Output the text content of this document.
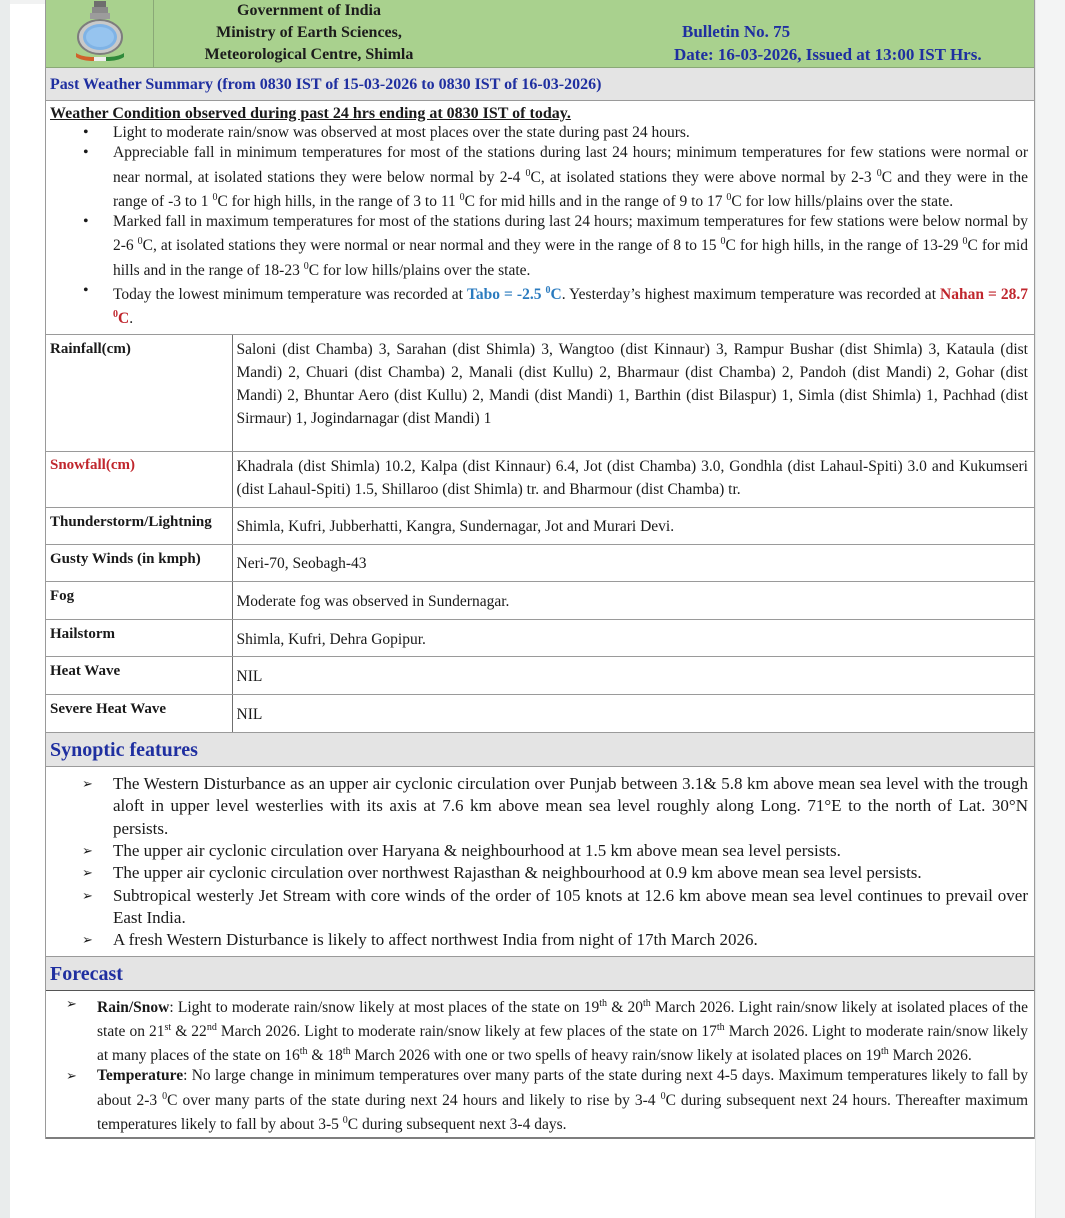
Government of India
Ministry of Earth Sciences,
Meteorological Centre, Shimla
Bulletin No. 75
Date: 16-03-2026, Issued at 13:00 IST Hrs.
Past Weather Summary (from 0830 IST of 15-03-2026 to 0830 IST of 16-03-2026)
Weather Condition observed during past 24 hrs ending at 0830 IST of today.
• Light to moderate rain/snow was observed at most places over the state during past 24 hours.
• Appreciable fall in minimum temperatures for most of the stations during last 24 hours; minimum temperatures for few stations were normal or near normal, at isolated stations they were below normal by 2-4 $^0$C, at isolated stations they were above normal by 2-3 $^0$C and they were in the range of -3 to 1 $^0$C for high hills, in the range of 3 to 11 $^0$C for mid hills and in the range of 9 to 17 $^0$C for low hills/plains over the state.
• Marked fall in maximum temperatures for most of the stations during last 24 hours; maximum temperatures for few stations were below normal by 2-6 $^0$C, at isolated stations they were normal or near normal and they were in the range of 8 to 15 $^0$C for high hills, in the range of 13-29 $^0$C for mid hills and in the range of 18-23 $^0$C for low hills/plains over the state.
• Today the lowest minimum temperature was recorded at Tabo = -2.5 $^0$C. Yesterday’s highest maximum temperature was recorded at Nahan = 28.7 $^0$C.
Rainfall(cm)	Saloni (dist Chamba) 3, Sarahan (dist Shimla) 3, Wangtoo (dist Kinnaur) 3, Rampur Bushar (dist Shimla) 3, Kataula (dist Mandi) 2, Chuari (dist Chamba) 2, Manali (dist Kullu) 2, Bharmaur (dist Chamba) 2, Pandoh (dist Mandi) 2, Gohar (dist Mandi) 2, Bhuntar Aero (dist Kullu) 2, Mandi (dist Mandi) 1, Barthin (dist Bilaspur) 1, Simla (dist Shimla) 1, Pachhad (dist Sirmaur) 1, Jogindarnagar (dist Mandi) 1
Snowfall(cm)	Khadrala (dist Shimla) 10.2, Kalpa (dist Kinnaur) 6.4, Jot (dist Chamba) 3.0, Gondhla (dist Lahaul-Spiti) 3.0 and Kukumseri (dist Lahaul-Spiti) 1.5, Shillaroo (dist Shimla) tr. and Bharmour (dist Chamba) tr.
Thunderstorm/Lightning	Shimla, Kufri, Jubberhatti, Kangra, Sundernagar, Jot and Murari Devi.
Gusty Winds (in kmph)	Neri-70, Seobagh-43
Fog	Moderate fog was observed in Sundernagar.
Hailstorm	Shimla, Kufri, Dehra Gopipur.
Heat Wave	NIL
Severe Heat Wave	NIL
Synoptic features
➢ The Western Disturbance as an upper air cyclonic circulation over Punjab between 3.1& 5.8 km above mean sea level with the trough aloft in upper level westerlies with its axis at 7.6 km above mean sea level roughly along Long. 71°E to the north of Lat. 30°N persists.
➢ The upper air cyclonic circulation over Haryana & neighbourhood at 1.5 km above mean sea level persists.
➢ The upper air cyclonic circulation over northwest Rajasthan & neighbourhood at 0.9 km above mean sea level persists.
➢ Subtropical westerly Jet Stream with core winds of the order of 105 knots at 12.6 km above mean sea level continues to prevail over East India.
➢ A fresh Western Disturbance is likely to affect northwest India from night of 17th March 2026.
Forecast
➢ Rain/Snow: Light to moderate rain/snow likely at most places of the state on 19th & 20th March 2026. Light rain/snow likely at isolated places of the state on 21st & 22nd March 2026. Light to moderate rain/snow likely at few places of the state on 17th March 2026. Light to moderate rain/snow likely at many places of the state on 16th & 18th March 2026 with one or two spells of heavy rain/snow likely at isolated places on 19th March 2026.
➢ Temperature: No large change in minimum temperatures over many parts of the state during next 4-5 days. Maximum temperatures likely to fall by about 2-3 $^0$C over many parts of the state during next 24 hours and likely to rise by 3-4 $^0$C during subsequent next 24 hours. Thereafter maximum temperatures likely to fall by about 3-5 $^0$C during subsequent next 3-4 days.
